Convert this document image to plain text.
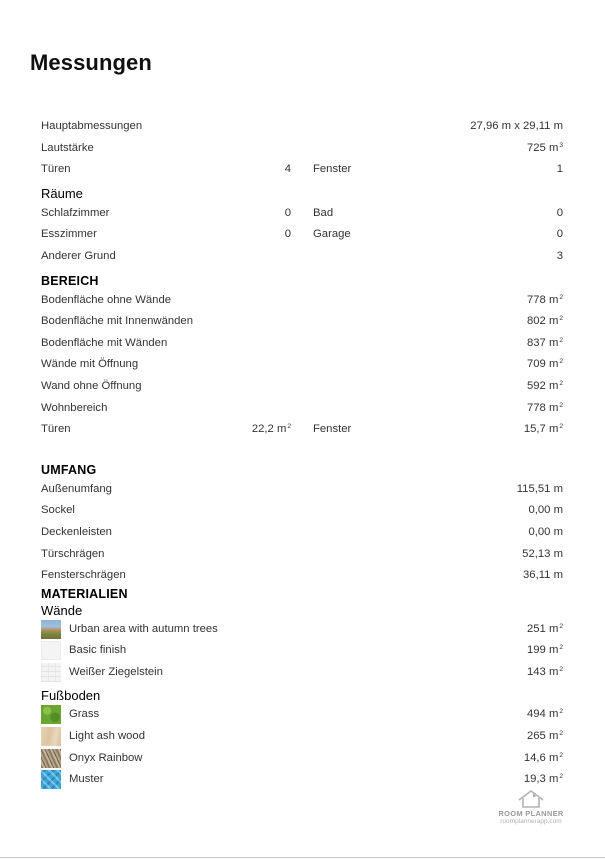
Messungen
Hauptabmessungen	27,96 m x 29,11 m
Lautstärke	725 $m^3$
Türen	4 Fenster	1
Räume
Schlafzimmer	0 Bad	0
Esszimmer	0 Garage	0
Anderer Grund	3
BEREICH
Bodenfläche ohne Wände	778 $m^2$
Bodenfläche mit Innenwänden	802 $m^2$
Bodenfläche mit Wänden	837 $m^2$
Wände mit Öffnung	709 $m^2$
Wand ohne Öffnung	592 $m^2$
Wohnbereich	778 $m^2$
Türen	22,2 $m^2$ Fenster	15,7 $m^2$
UMFANG
Außenumfang	115,51 m
Sockel	0,00 m
Deckenleisten	0,00 m
Türschrägen	52,13 m
Fensterschrägen	36,11 m
MATERIALIEN
Wände
Urban area with autumn trees	251 $m^2$
Basic finish	199 $m^2$
Weißer Ziegelstein	143 $m^2$
Fußboden
Grass	494 $m^2$
Light ash wood	265 $m^2$
Onyx Rainbow	14,6 $m^2$
Muster	19,3 $m^2$
ROOM PLANNER
roomplannerapp.com
